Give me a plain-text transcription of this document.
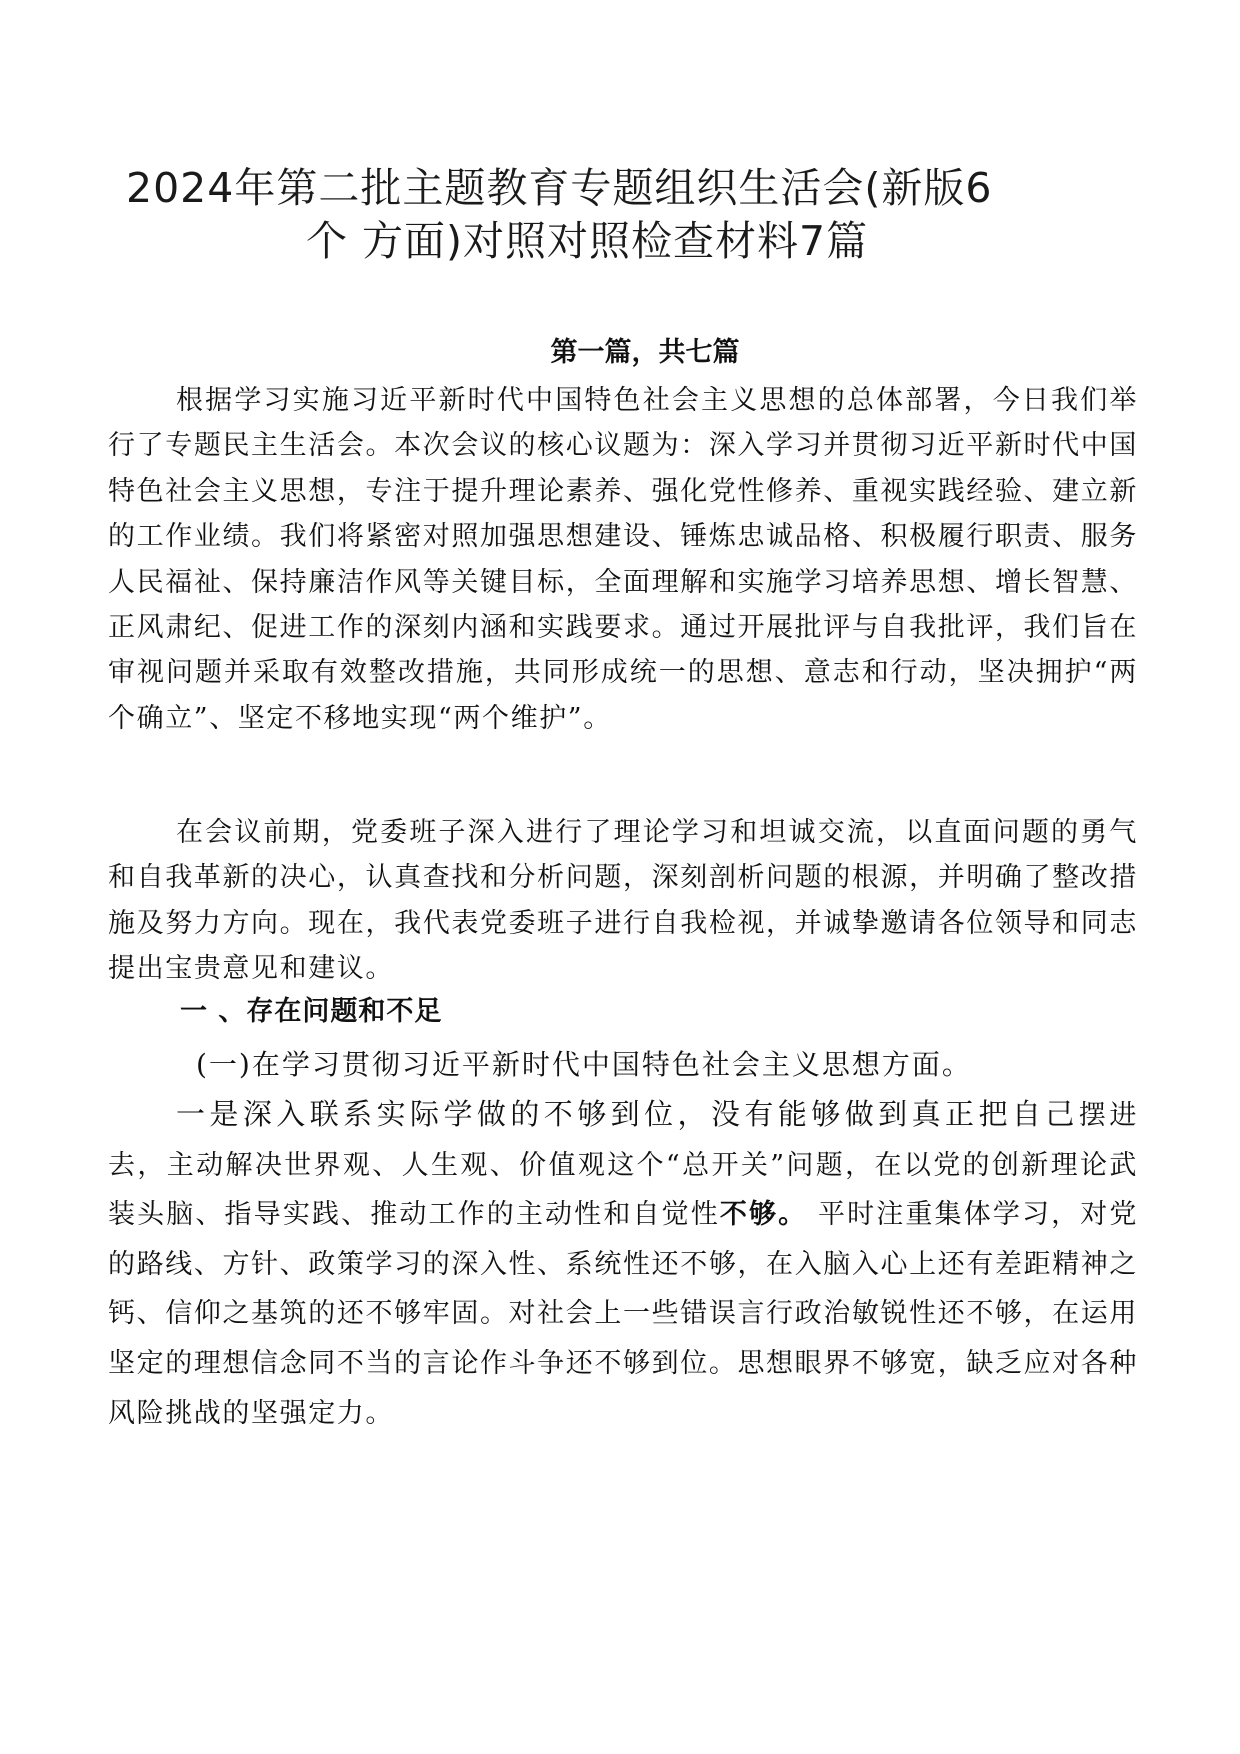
2024年第二批主题教育专题组织生活会(新版6
个 方面)对照对照检查材料7篇
第一篇，共七篇

根据学习实施习近平新时代中国特色社会主义思想的总体部署，今日我们举行了专题民主生活会。本次会议的核心议题为：深入学习并贯彻习近平新时代中国特色社会主义思想，专注于提升理论素养、强化党性修养、重视实践经验、建立新的工作业绩。我们将紧密对照加强思想建设、锤炼忠诚品格、积极履行职责、服务人民福祉、保持廉洁作风等关键目标，全面理解和实施学习培养思想、增长智慧、正风肃纪、促进工作的深刻内涵和实践要求。通过开展批评与自我批评，我们旨在审视问题并采取有效整改措施，共同形成统一的思想、意志和行动，坚决拥护“两个确立”、坚定不移地实现“两个维护”。

在会议前期，党委班子深入进行了理论学习和坦诚交流，以直面问题的勇气和自我革新的决心，认真查找和分析问题，深刻剖析问题的根源，并明确了整改措施及努力方向。现在，我代表党委班子进行自我检视，并诚挚邀请各位领导和同志提出宝贵意见和建议。

一 、存在问题和不足
(一)在学习贯彻习近平新时代中国特色社会主义思想方面。

一是深入联系实际学做的不够到位，没有能够做到真正把自己摆进去，主动解决世界观、人生观、价值观这个“总开关”问题，在以党的创新理论武装头脑、指导实践、推动工作的主动性和自觉性不够。 平时注重集体学习，对党的路线、方针、政策学习的深入性、系统性还不够，在入脑入心上还有差距精神之钙、信仰之基筑的还不够牢固。对社会上一些错误言行政治敏锐性还不够，在运用坚定的理想信念同不当的言论作斗争还不够到位。思想眼界不够宽，缺乏应对各种风险挑战的坚强定力。
